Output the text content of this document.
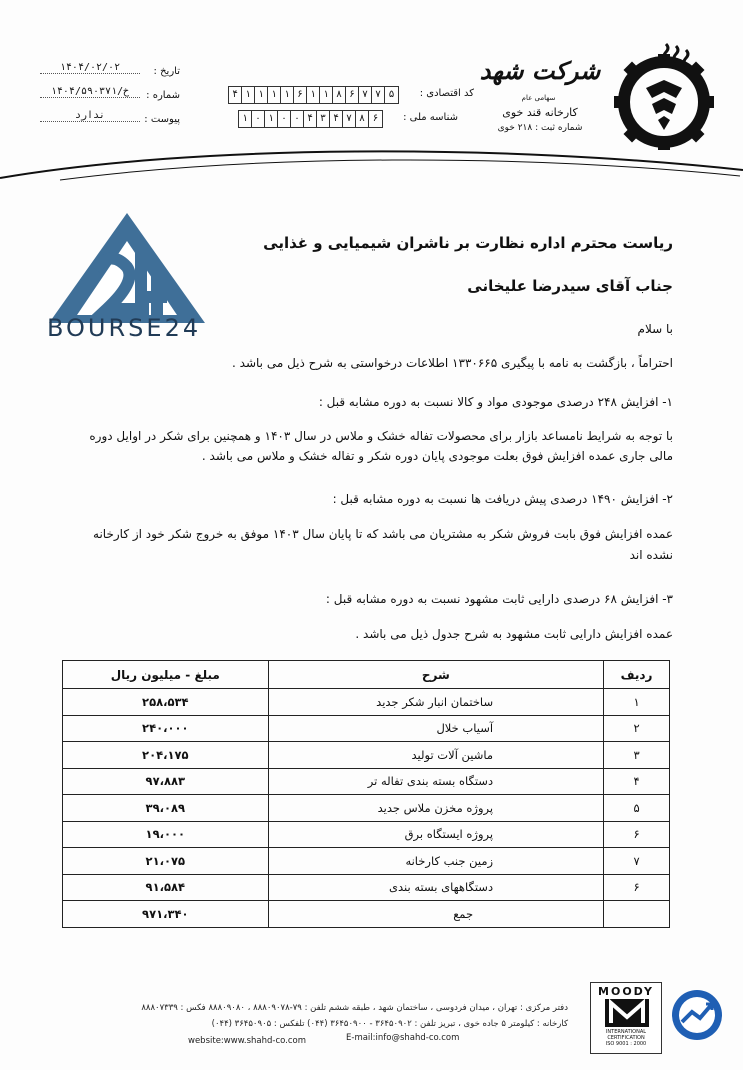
تاریخ :
۱۴۰۴/۰۲/۰۲
شماره :
۱۴۰۴/۵۹۰۳۷۱/خ
پیوست :
ندارد
کد اقتصادی :
۴ ۱ ۱ ۱ ۱ ۶ ۱ ۱ ۸ ۶ ۷ ۷ ۵
شناسه ملی :
۱ ۰ ۱ ۰ ۰ ۴ ۳ ۴ ۷ ۸ ۶
شرکت شهد سهامی عام
کارخانه قند خوی
شماره ثبت : ۲۱۸ خوی
BOURSE24
ریاست محترم اداره نظارت بر ناشران شیمیایی و غذایی
جناب آقای سیدرضا علیخانی
با سلام
احتراماً ، بازگشت به نامه با پیگیری ۱۳۳۰۶۶۵ اطلاعات درخواستی به شرح ذیل می باشد .
۱- افزایش ۲۴۸ درصدی موجودی مواد و کالا نسبت به دوره مشابه قبل :
با توجه به شرایط نامساعد بازار برای محصولات تفاله خشک و ملاس در سال ۱۴۰۳ و همچنین برای شکر در اوایل دوره مالی جاری عمده افزایش فوق بعلت موجودی پایان دوره شکر و تفاله خشک و ملاس می باشد .
۲- افزایش ۱۴۹۰ درصدی پیش دریافت ها نسبت به دوره مشابه قبل :
عمده افزایش فوق بابت فروش شکر به مشتریان می باشد که تا پایان سال ۱۴۰۳ موفق به خروج شکر خود از کارخانه نشده اند
۳- افزایش ۶۸ درصدی دارایی ثابت مشهود نسبت به دوره مشابه قبل :
عمده افزایش دارایی ثابت مشهود به شرح جدول ذیل می باشد .
ردیف	شرح	مبلغ - میلیون ریال
۱	ساختمان انبار شکر جدید	۲۵۸،۵۳۴
۲	آسیاب خلال	۲۴۰،۰۰۰
۳	ماشین آلات تولید	۲۰۴،۱۷۵
۴	دستگاه بسته بندی تفاله تر	۹۷،۸۸۳
۵	پروژه مخزن ملاس جدید	۳۹،۰۸۹
۶	پروژه ایستگاه برق	۱۹،۰۰۰
۷	زمین جنب کارخانه	۲۱،۰۷۵
۶	دستگاههای بسته بندی	۹۱،۵۸۴
	جمع	۹۷۱،۳۴۰
دفتر مرکزی : تهران ، میدان فردوسی ، ساختمان شهد ، طبقه ششم تلفن : ۷۹-۸۸۸۰۹۰۷۸ ، ۸۸۸۰۹۰۸۰ فکس : ۸۸۸۰۷۳۳۹
کارخانه : کیلومتر ۵ جاده خوی ، تبریز تلفن : ۳۶۴۵۰۹۰۲ - ۳۶۴۵۰۹۰۰ (۰۴۴) تلفکس : ۳۶۴۵۰۹۰۵ (۰۴۴)
website:www.shahd-co.com	E-mail:info@shahd-co.com
MOODY
INTERNATIONAL
CERTIFICATION
ISO 9001 : 2000
